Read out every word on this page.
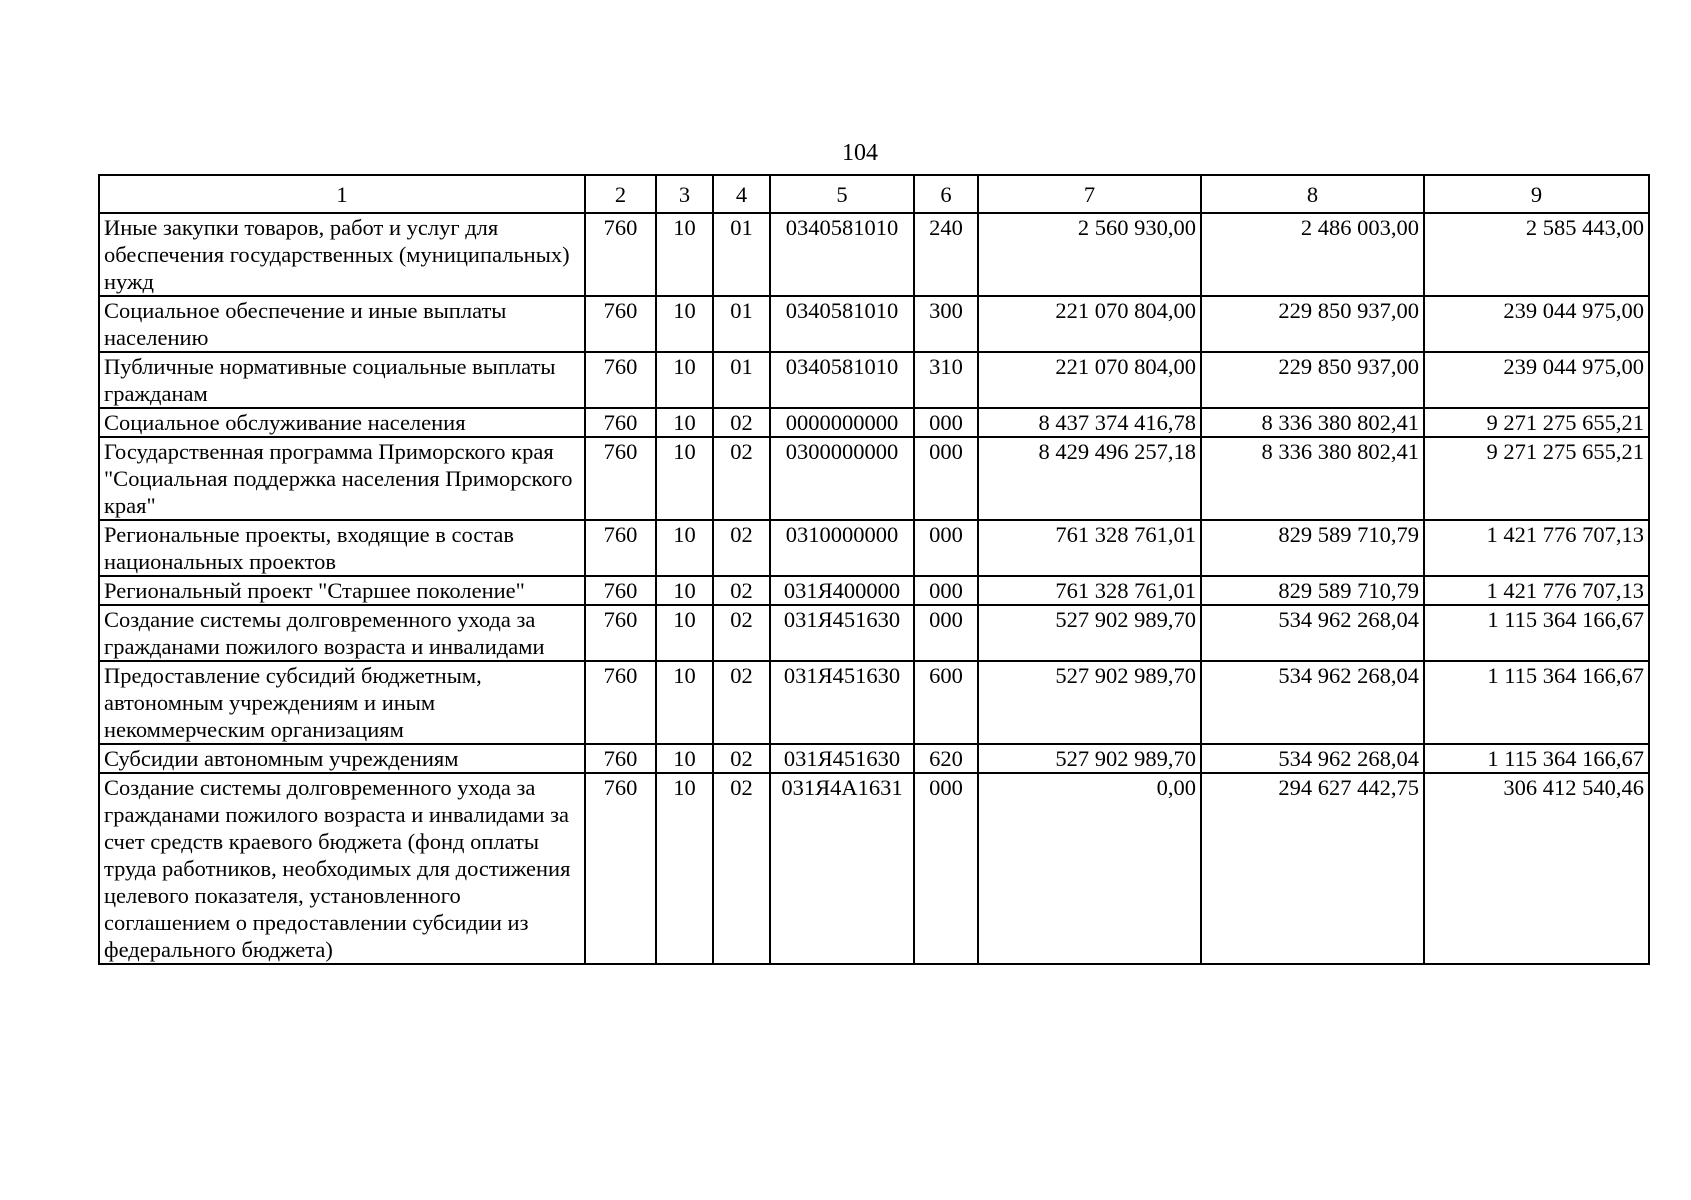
104
1	2	3	4	5	6	7	8	9
Иные закупки товаров, работ и услуг для обеспечения государственных (муниципальных) нужд	760	10	01	0340581010	240	2 560 930,00	2 486 003,00	2 585 443,00
Социальное обеспечение и иные выплаты населению	760	10	01	0340581010	300	221 070 804,00	229 850 937,00	239 044 975,00
Публичные нормативные социальные выплаты гражданам	760	10	01	0340581010	310	221 070 804,00	229 850 937,00	239 044 975,00
Социальное обслуживание населения	760	10	02	0000000000	000	8 437 374 416,78	8 336 380 802,41	9 271 275 655,21
Государственная программа Приморского края "Социальная поддержка населения Приморского края"	760	10	02	0300000000	000	8 429 496 257,18	8 336 380 802,41	9 271 275 655,21
Региональные проекты, входящие в состав национальных проектов	760	10	02	0310000000	000	761 328 761,01	829 589 710,79	1 421 776 707,13
Региональный проект "Старшее поколение"	760	10	02	031Я400000	000	761 328 761,01	829 589 710,79	1 421 776 707,13
Создание системы долговременного ухода за гражданами пожилого возраста и инвалидами	760	10	02	031Я451630	000	527 902 989,70	534 962 268,04	1 115 364 166,67
Предоставление субсидий бюджетным, автономным учреждениям и иным некоммерческим организациям	760	10	02	031Я451630	600	527 902 989,70	534 962 268,04	1 115 364 166,67
Субсидии автономным учреждениям	760	10	02	031Я451630	620	527 902 989,70	534 962 268,04	1 115 364 166,67
Создание системы долговременного ухода за гражданами пожилого возраста и инвалидами за счет средств краевого бюджета (фонд оплаты труда работников, необходимых для достижения целевого показателя, установленного соглашением о предоставлении субсидии из федерального бюджета)	760	10	02	031Я4А1631	000	0,00	294 627 442,75	306 412 540,46
